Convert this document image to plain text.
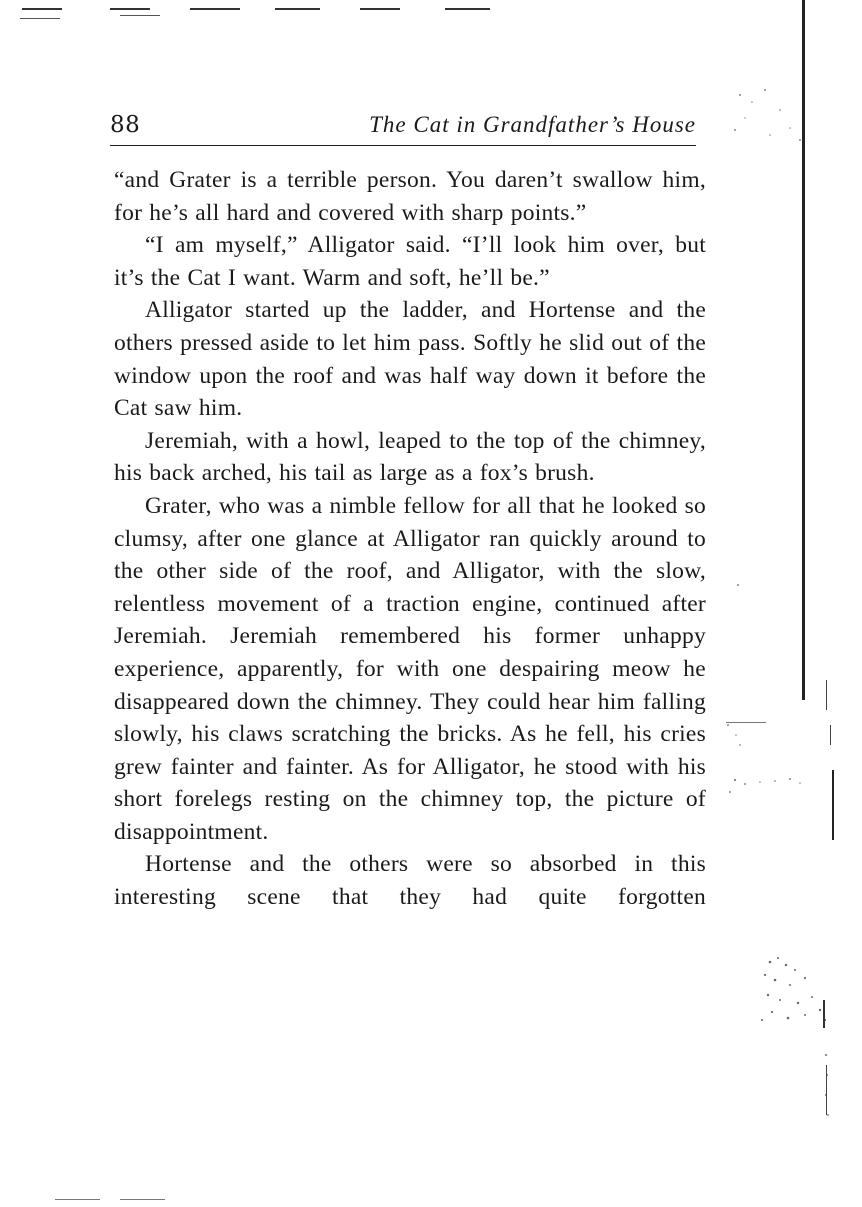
88	The Cat in Grandfather’s House

“and Grater is a terrible person. You daren’t swallow him, for he’s all hard and covered with sharp points.”

“I am myself,” Alligator said. “I’ll look him over, but it’s the Cat I want. Warm and soft, he’ll be.”

Alligator started up the ladder, and Hortense and the others pressed aside to let him pass. Softly he slid out of the window upon the roof and was half way down it before the Cat saw him.

Jeremiah, with a howl, leaped to the top of the chimney, his back arched, his tail as large as a fox’s brush.

Grater, who was a nimble fellow for all that he looked so clumsy, after one glance at Alligator ran quickly around to the other side of the roof, and Alligator, with the slow, relentless movement of a traction engine, continued after Jeremiah. Jeremiah remembered his former unhappy experience, apparently, for with one despairing meow he disappeared down the chimney. They could hear him falling slowly, his claws scratching the bricks. As he fell, his cries grew fainter and fainter. As for Alligator, he stood with his short forelegs resting on the chimney top, the picture of disappointment.

Hortense and the others were so absorbed in this interesting scene that they had quite forgotten
